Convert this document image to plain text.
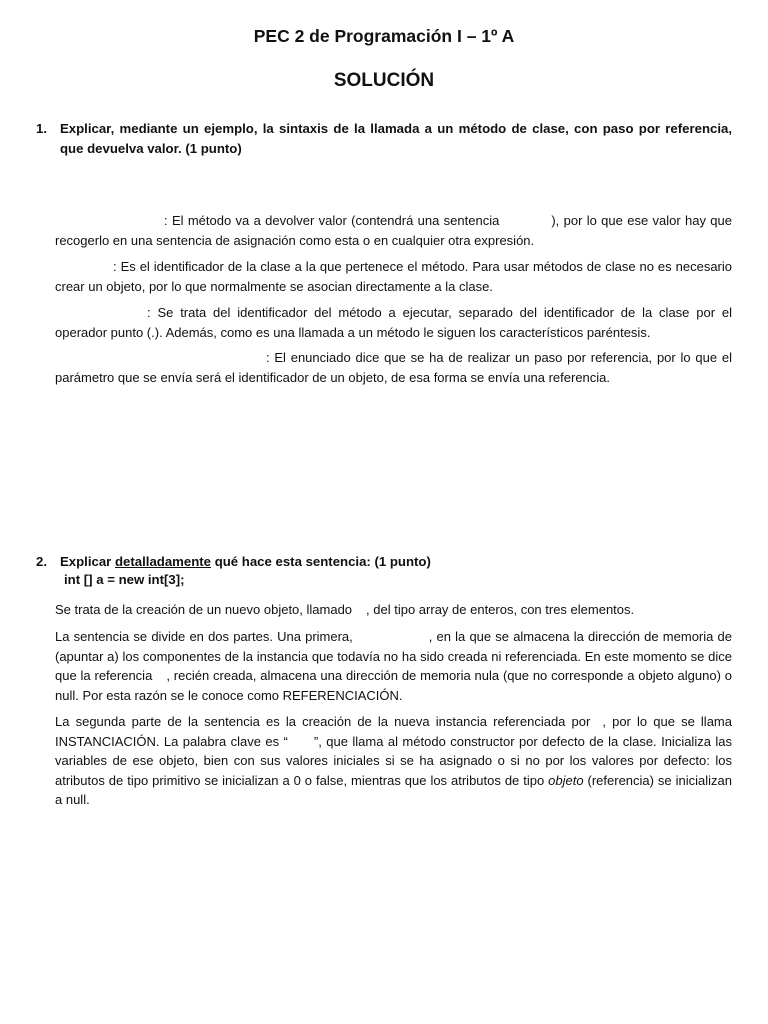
PEC 2 de Programación I – 1º A
SOLUCIÓN
1. Explicar, mediante un ejemplo, la sintaxis de la llamada a un método de clase, con paso por referencia, que devuelva valor. (1 punto)
: El método va a devolver valor (contendrá una sentencia	), por lo que ese valor hay que recogerlo en una sentencia de asignación como esta o en cualquier otra expresión.
: Es el identificador de la clase a la que pertenece el método. Para usar métodos de clase no es necesario crear un objeto, por lo que normalmente se asocian directamente a la clase.
: Se trata del identificador del método a ejecutar, separado del identificador de la clase por el operador punto (.). Además, como es una llamada a un método le siguen los característicos paréntesis.
: El enunciado dice que se ha de realizar un paso por referencia, por lo que el parámetro que se envía será el identificador de un objeto, de esa forma se envía una referencia.
2. Explicar detalladamente qué hace esta sentencia: (1 punto)
int [] a = new int[3];
Se trata de la creación de un nuevo objeto, llamado , del tipo array de enteros, con tres elementos.
La sentencia se divide en dos partes. Una primera,	, en la que se almacena la dirección de memoria de (apuntar a) los componentes de la instancia que todavía no ha sido creada ni referenciada. En este momento se dice que la referencia , recién creada, almacena una dirección de memoria nula (que no corresponde a objeto alguno) o null. Por esta razón se le conoce como REFERENCIACIÓN.
La segunda parte de la sentencia es la creación de la nueva instancia referenciada por , por lo que se llama INSTANCIACIÓN. La palabra clave es “ ”, que llama al método constructor por defecto de la clase. Inicializa las variables de ese objeto, bien con sus valores iniciales si se ha asignado o si no por los valores por defecto: los atributos de tipo primitivo se inicializan a 0 o false, mientras que los atributos de tipo objeto (referencia) se inicializan a null.
